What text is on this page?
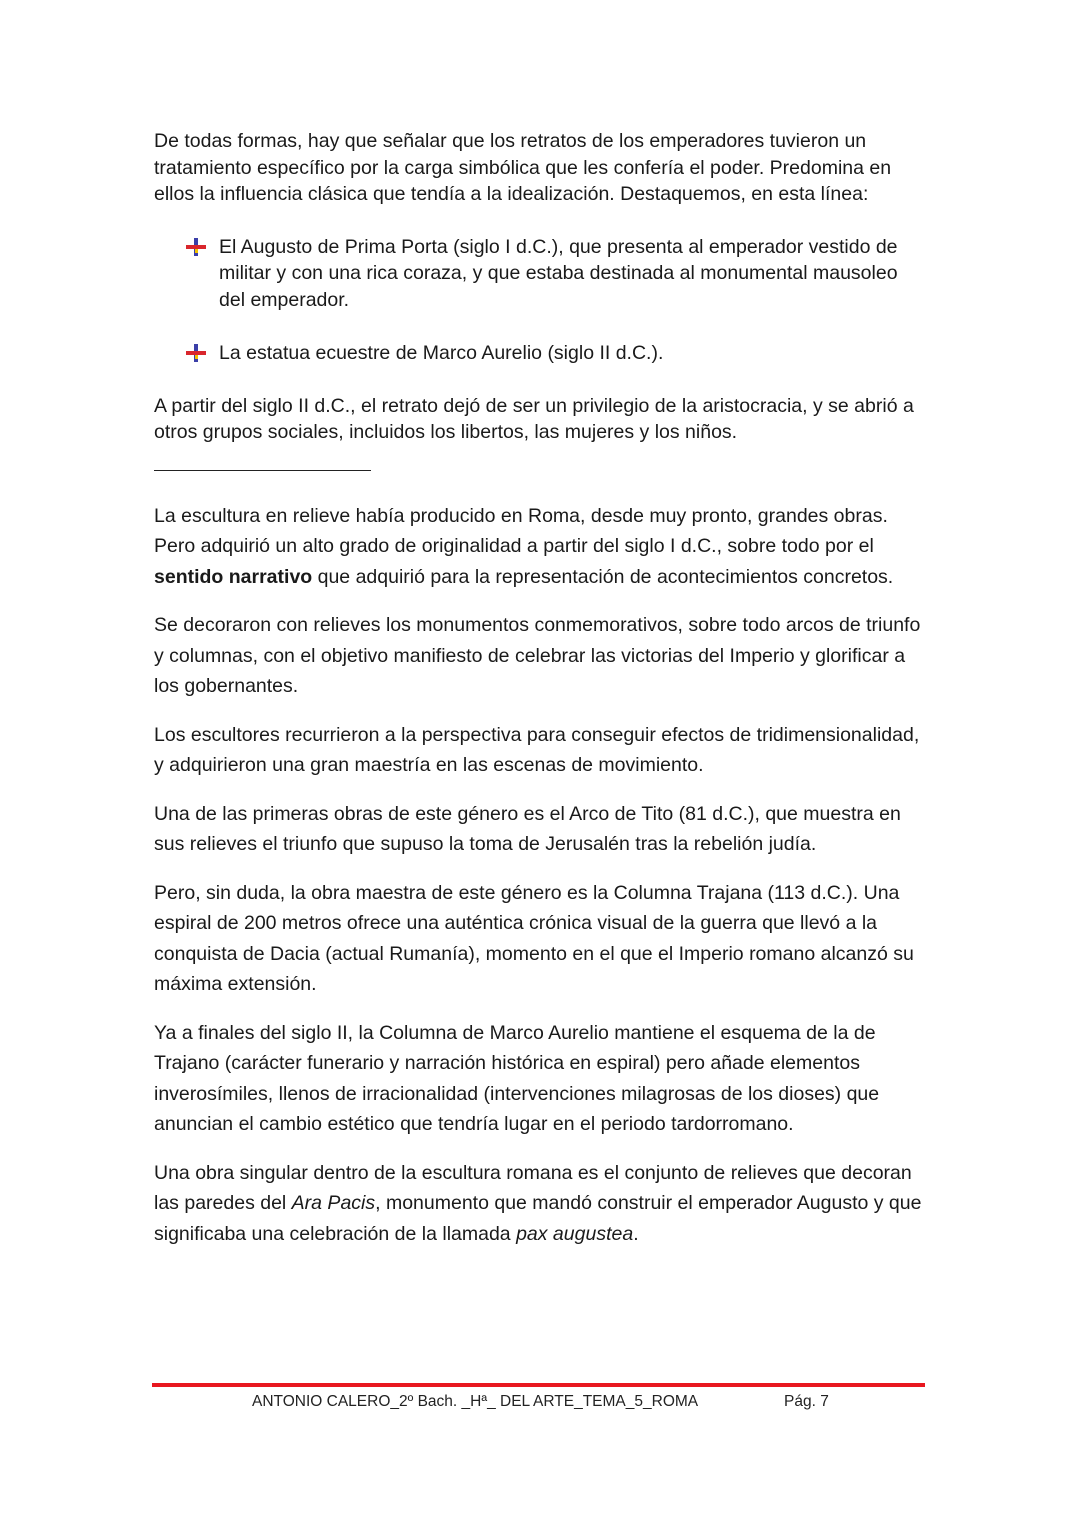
De todas formas, hay que señalar que los retratos de los emperadores tuvieron un tratamiento específico por la carga simbólica que les confería el poder. Predomina en ellos la influencia clásica que tendía a la idealización. Destaquemos, en esta línea:

El Augusto de Prima Porta (siglo I d.C.), que presenta al emperador vestido de militar y con una rica coraza, y que estaba destinada al monumental mausoleo del emperador.
La estatua ecuestre de Marco Aurelio (siglo II d.C.).

A partir del siglo II d.C., el retrato dejó de ser un privilegio de la aristocracia, y se abrió a otros grupos sociales, incluidos los libertos, las mujeres y los niños.

La escultura en relieve había producido en Roma, desde muy pronto, grandes obras. Pero adquirió un alto grado de originalidad a partir del siglo I d.C., sobre todo por el sentido narrativo que adquirió para la representación de acontecimientos concretos.

Se decoraron con relieves los monumentos conmemorativos, sobre todo arcos de triunfo y columnas, con el objetivo manifiesto de celebrar las victorias del Imperio y glorificar a los gobernantes.

Los escultores recurrieron a la perspectiva para conseguir efectos de tridimensionalidad, y adquirieron una gran maestría en las escenas de movimiento.

Una de las primeras obras de este género es el Arco de Tito (81 d.C.), que muestra en sus relieves el triunfo que supuso la toma de Jerusalén tras la rebelión judía.

Pero, sin duda, la obra maestra de este género es la Columna Trajana (113 d.C.). Una espiral de 200 metros ofrece una auténtica crónica visual de la guerra que llevó a la conquista de Dacia (actual Rumanía), momento en el que el Imperio romano alcanzó su máxima extensión.

Ya a finales del siglo II, la Columna de Marco Aurelio mantiene el esquema de la de Trajano (carácter funerario y narración histórica en espiral) pero añade elementos inverosímiles, llenos de irracionalidad (intervenciones milagrosas de los dioses) que anuncian el cambio estético que tendría lugar en el periodo tardorromano.

Una obra singular dentro de la escultura romana es el conjunto de relieves que decoran las paredes del Ara Pacis, monumento que mandó construir el emperador Augusto y que significaba una celebración de la llamada pax augustea.

ANTONIO CALERO_2º Bach. _Hª_ DEL ARTE_TEMA_5_ROMA	Pág. 7
